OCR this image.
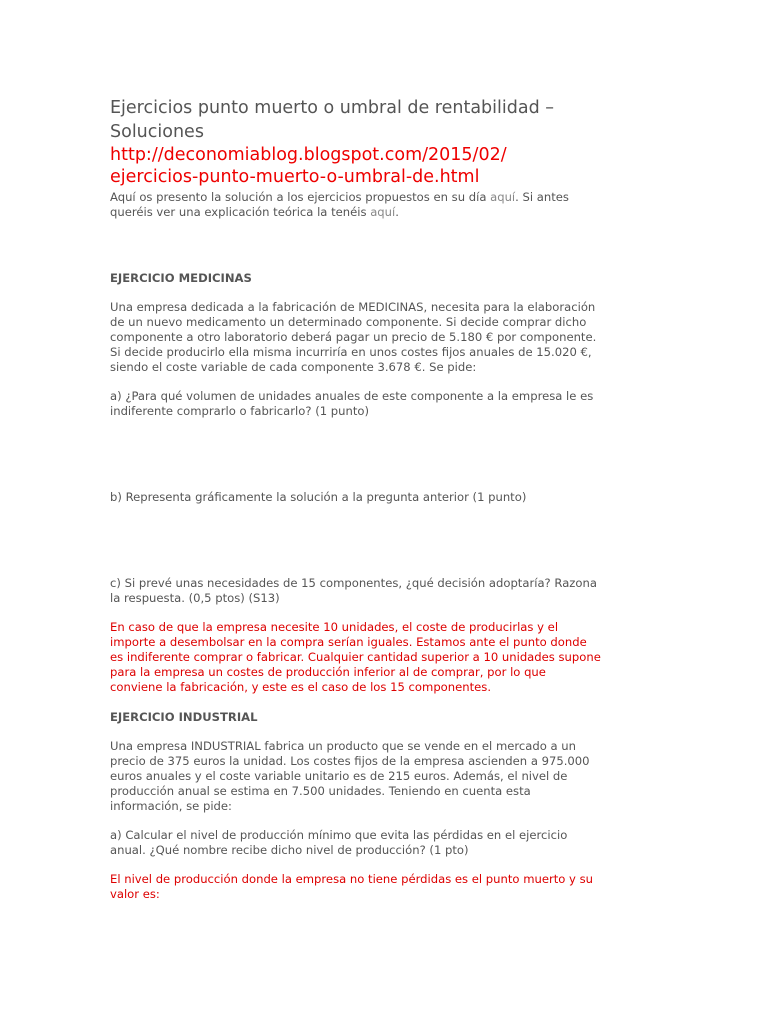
Ejercicios punto muerto o umbral de rentabilidad –
Soluciones
http://deconomiablog.blogspot.com/2015/02/
ejercicios-punto-muerto-o-umbral-de.html

Aquí os presento la solución a los ejercicios propuestos en su día aquí. Si antes
queréis ver una explicación teórica la tenéis aquí.

EJERCICIO MEDICINAS

Una empresa dedicada a la fabricación de MEDICINAS, necesita para la elaboración
de un nuevo medicamento un determinado componente. Si decide comprar dicho
componente a otro laboratorio deberá pagar un precio de 5.180 € por componente.
Si decide producirlo ella misma incurriría en unos costes fijos anuales de 15.020 €,
siendo el coste variable de cada componente 3.678 €. Se pide:

a) ¿Para qué volumen de unidades anuales de este componente a la empresa le es
indiferente comprarlo o fabricarlo? (1 punto)

b) Representa gráficamente la solución a la pregunta anterior (1 punto)

c) Si prevé unas necesidades de 15 componentes, ¿qué decisión adoptaría? Razona
la respuesta. (0,5 ptos) (S13)

En caso de que la empresa necesite 10 unidades, el coste de producirlas y el
importe a desembolsar en la compra serían iguales. Estamos ante el punto donde
es indiferente comprar o fabricar. Cualquier cantidad superior a 10 unidades supone
para la empresa un costes de producción inferior al de comprar, por lo que
conviene la fabricación, y este es el caso de los 15 componentes.

EJERCICIO INDUSTRIAL

Una empresa INDUSTRIAL fabrica un producto que se vende en el mercado a un
precio de 375 euros la unidad. Los costes fijos de la empresa ascienden a 975.000
euros anuales y el coste variable unitario es de 215 euros. Además, el nivel de
producción anual se estima en 7.500 unidades. Teniendo en cuenta esta
información, se pide:

a) Calcular el nivel de producción mínimo que evita las pérdidas en el ejercicio
anual. ¿Qué nombre recibe dicho nivel de producción? (1 pto)

El nivel de producción donde la empresa no tiene pérdidas es el punto muerto y su
valor es:
